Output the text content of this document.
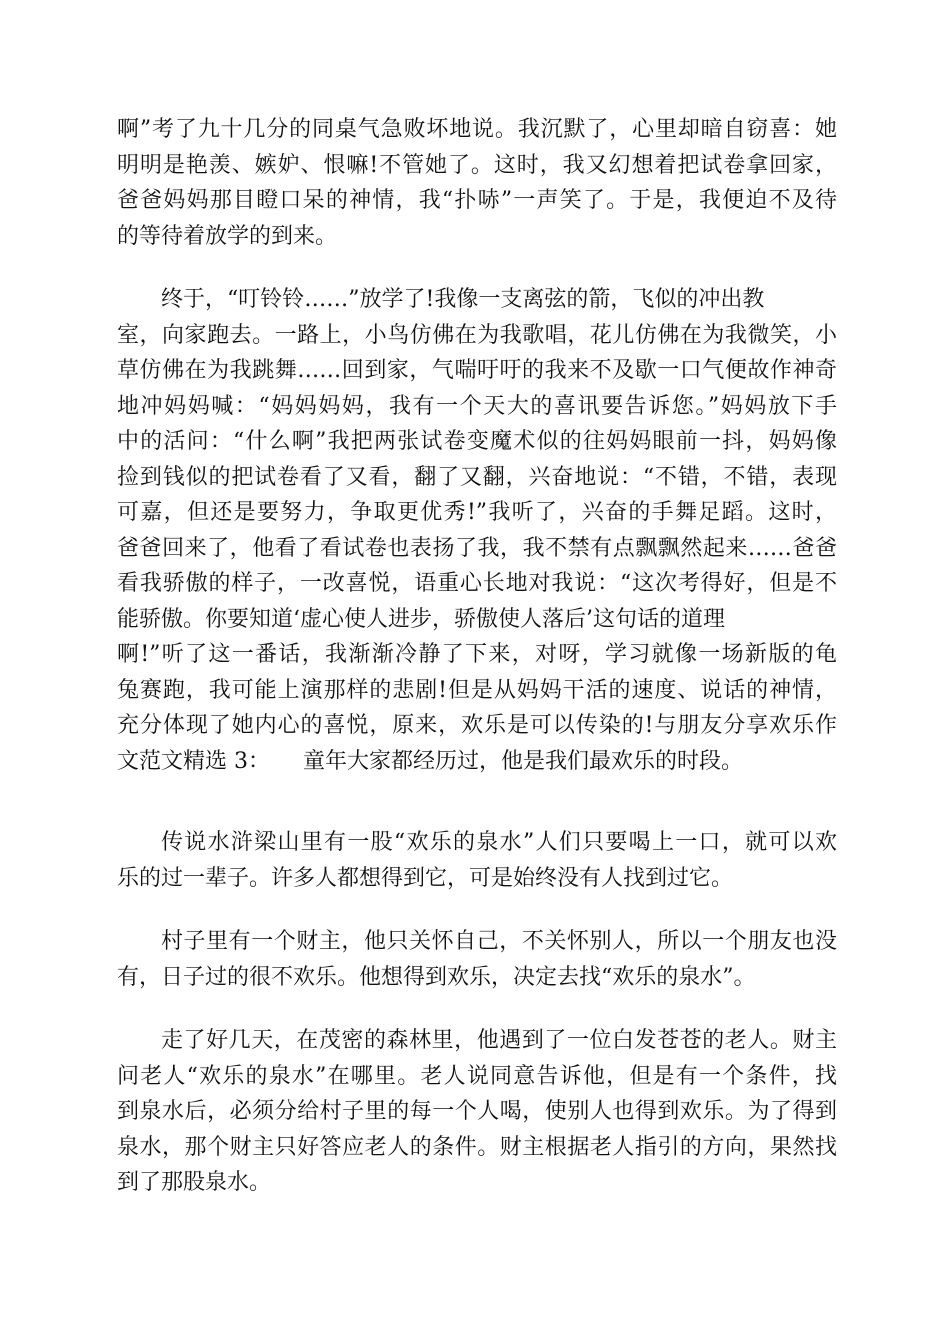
啊”考了九十几分的同桌气急败坏地说。我沉默了，心里却暗自窃喜：她
明明是艳羡、嫉妒、恨嘛!不管她了。这时，我又幻想着把试卷拿回家，
爸爸妈妈那目瞪口呆的神情，我“扑哧”一声笑了。于是，我便迫不及待
的等待着放学的到来。
终于，“叮铃铃……”放学了!我像一支离弦的箭，飞似的冲出教
室，向家跑去。一路上，小鸟仿佛在为我歌唱，花儿仿佛在为我微笑，小
草仿佛在为我跳舞……回到家，气喘吁吁的我来不及歇一口气便故作神奇
地冲妈妈喊：“妈妈妈妈，我有一个天大的喜讯要告诉您。”妈妈放下手
中的活问：“什么啊”我把两张试卷变魔术似的往妈妈眼前一抖，妈妈像
捡到钱似的把试卷看了又看，翻了又翻，兴奋地说：“不错，不错，表现
可嘉，但还是要努力，争取更优秀!”我听了，兴奋的手舞足蹈。这时，
爸爸回来了，他看了看试卷也表扬了我，我不禁有点飘飘然起来……爸爸
看我骄傲的样子，一改喜悦，语重心长地对我说：“这次考得好，但是不
能骄傲。你要知道‘虚心使人进步，骄傲使人落后’这句话的道理
啊!”听了这一番话，我渐渐冷静了下来，对呀，学习就像一场新版的龟
兔赛跑，我可能上演那样的悲剧!但是从妈妈干活的速度、说话的神情，
充分体现了她内心的喜悦，原来，欢乐是可以传染的!与朋友分享欢乐作
文范文精选 3：　　童年大家都经历过，他是我们最欢乐的时段。
传说水浒梁山里有一股“欢乐的泉水”人们只要喝上一口，就可以欢
乐的过一辈子。许多人都想得到它，可是始终没有人找到过它。
村子里有一个财主，他只关怀自己，不关怀别人，所以一个朋友也没
有，日子过的很不欢乐。他想得到欢乐，决定去找“欢乐的泉水”。
走了好几天，在茂密的森林里，他遇到了一位白发苍苍的老人。财主
问老人“欢乐的泉水”在哪里。老人说同意告诉他，但是有一个条件，找
到泉水后，必须分给村子里的每一个人喝，使别人也得到欢乐。为了得到
泉水，那个财主只好答应老人的条件。财主根据老人指引的方向，果然找
到了那股泉水。
